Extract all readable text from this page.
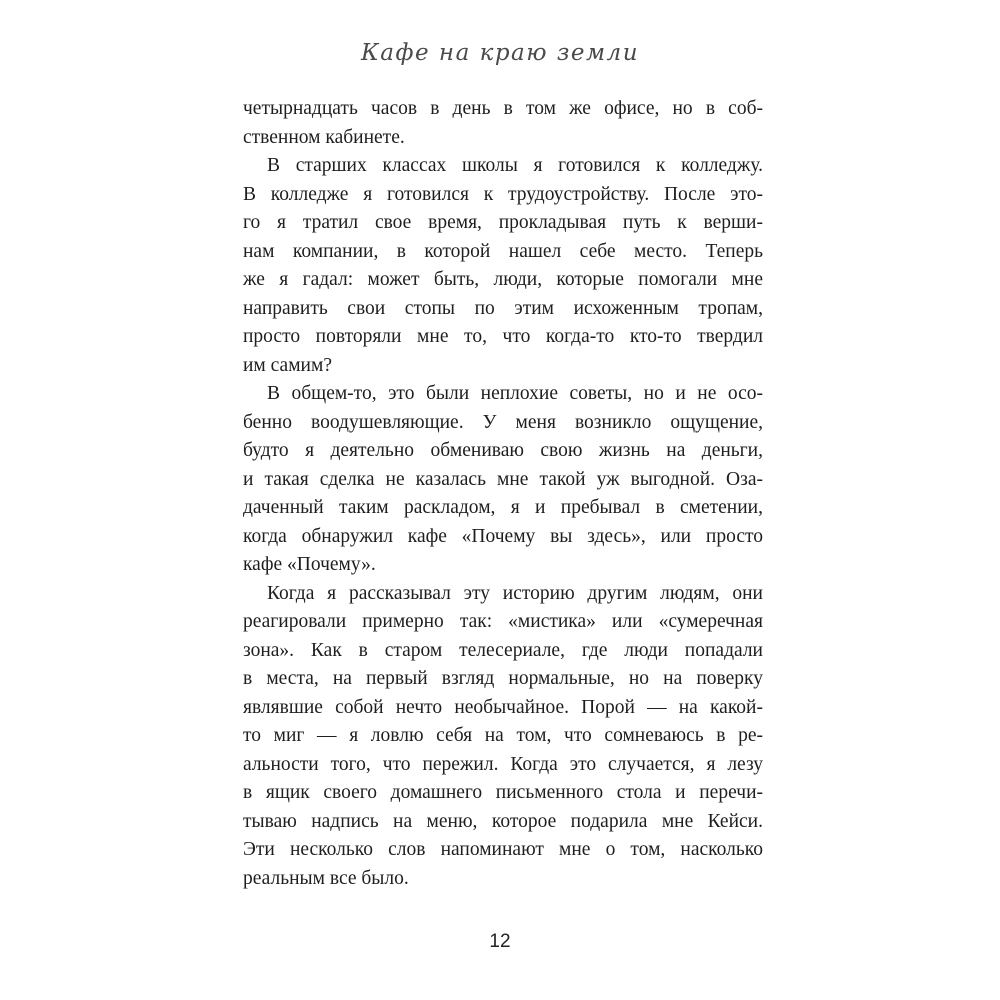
Кафе на краю земли
четырнадцать часов в день в том же офисе, но в соб-
ственном кабинете.
В старших классах школы я готовился к колледжу.
В колледже я готовился к трудоустройству. После это-
го я тратил свое время, прокладывая путь к верши-
нам компании, в которой нашел себе место. Теперь
же я гадал: может быть, люди, которые помогали мне
направить свои стопы по этим исхоженным тропам,
просто повторяли мне то, что когда-то кто-то твердил
им самим?
В общем-то, это были неплохие советы, но и не осо-
бенно воодушевляющие. У меня возникло ощущение,
будто я деятельно обмениваю свою жизнь на деньги,
и такая сделка не казалась мне такой уж выгодной. Оза-
даченный таким раскладом, я и пребывал в сметении,
когда обнаружил кафе «Почему вы здесь», или просто
кафе «Почему».
Когда я рассказывал эту историю другим людям, они
реагировали примерно так: «мистика» или «сумеречная
зона». Как в старом телесериале, где люди попадали
в места, на первый взгляд нормальные, но на поверку
являвшие собой нечто необычайное. Порой — на какой-
то миг — я ловлю себя на том, что сомневаюсь в ре-
альности того, что пережил. Когда это случается, я лезу
в ящик своего домашнего письменного стола и перечи-
тываю надпись на меню, которое подарила мне Кейси.
Эти несколько слов напоминают мне о том, насколько
реальным все было.
12
